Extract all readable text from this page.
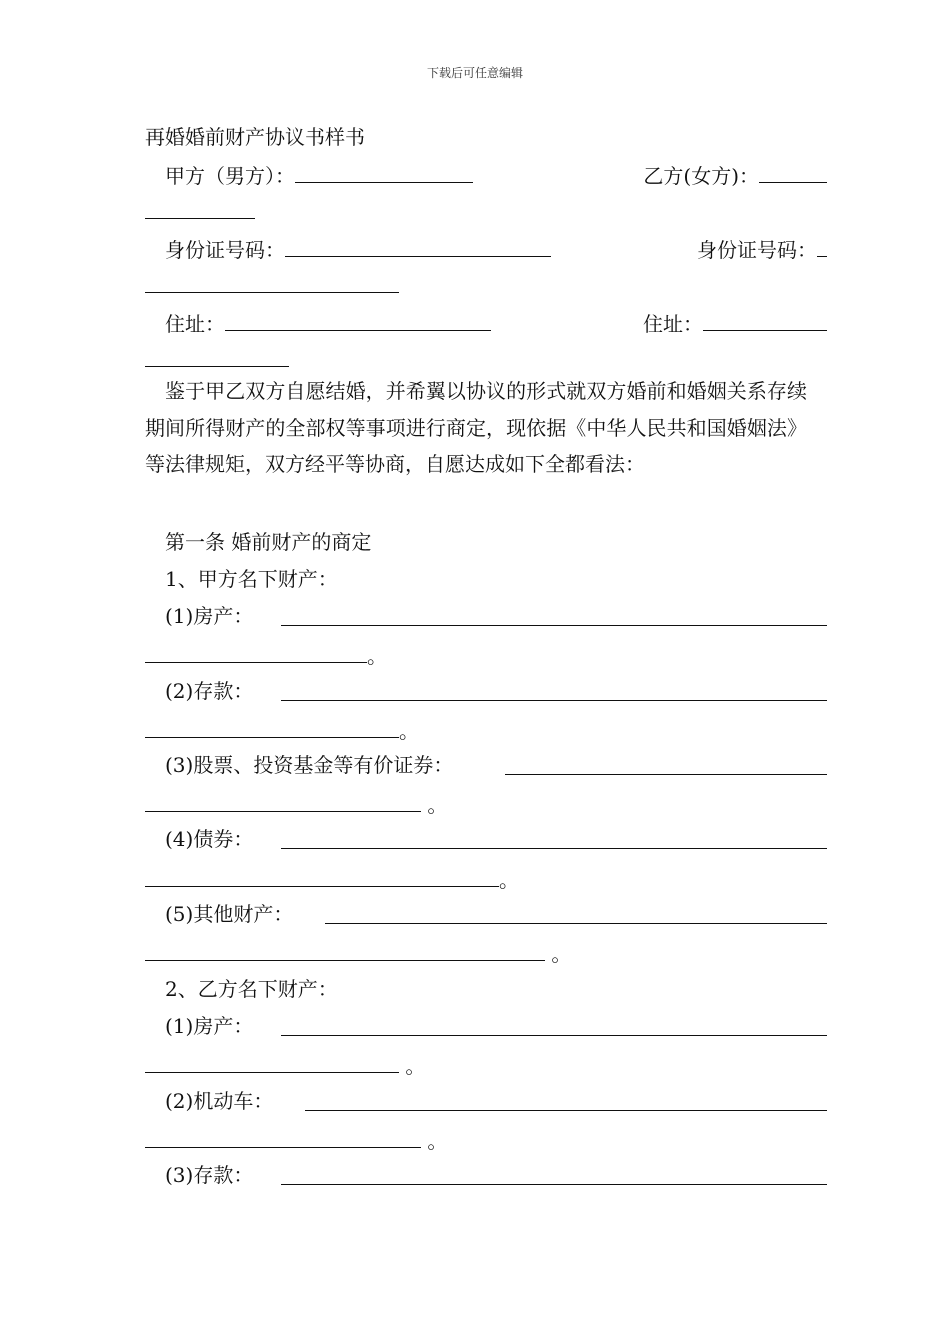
下载后可任意编辑
再婚婚前财产协议书样书
甲方（男方）：	乙方(女方)：
身份证号码：	身份证号码：
住址：	住址：

鉴于甲乙双方自愿结婚，并希翼以协议的形式就双方婚前和婚姻关系存续期间所得财产的全部权等事项进行商定，现依据《中华人民共和国婚姻法》等法律规矩，双方经平等协商，自愿达成如下全都看法：

第一条 婚前财产的商定
1、甲方名下财产：
(1)房产：
。
(2)存款：
。
(3)股票、投资基金等有价证券：
。
(4)债券：
。
(5)其他财产：
。
2、乙方名下财产：
(1)房产：
。
(2)机动车：
。
(3)存款：
